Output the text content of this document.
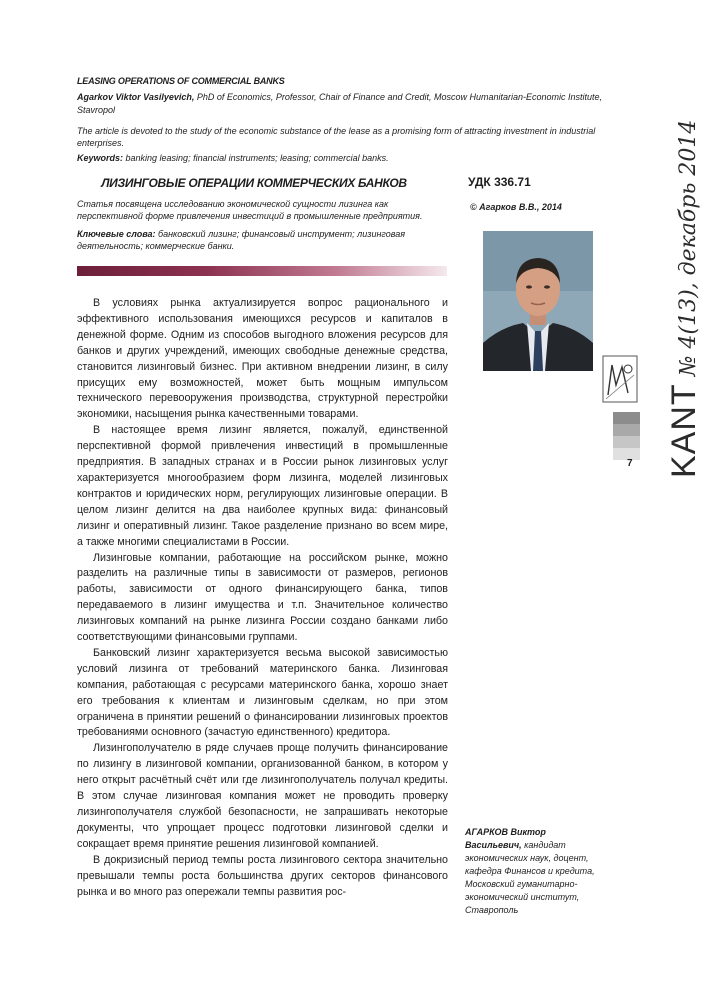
LEASING OPERATIONS OF COMMERCIAL BANKS
Agarkov Viktor Vasilyevich, PhD of Economics, Professor, Chair of Finance and Credit, Moscow Humanitarian-Economic Institute, Stavropol
The article is devoted to the study of the economic substance of the lease as a promising form of attracting investment in industrial enterprises.
Keywords: banking leasing; financial instruments; leasing; commercial banks.
ЛИЗИНГОВЫЕ ОПЕРАЦИИ КОММЕРЧЕСКИХ БАНКОВ	УДК 336.71
© Агарков В.В., 2014
Статья посвящена исследованию экономической сущности лизинга как перспективной форме привлечения инвестиций в промышленные предприятия.
Ключевые слова: банковский лизинг; финансовый инструмент; лизинговая деятельность; коммерческие банки.

В условиях рынка актуализируется вопрос рационального и эффективного использования имеющихся ресурсов и капиталов в денежной форме. Одним из способов выгодного вложения ресурсов для банков и других учреждений, имеющих свободные денежные средства, становится лизинговый бизнес. При активном внедрении лизинг, в силу присущих ему возможностей, может быть мощным импульсом технического перевооружения производства, структурной перестройки экономики, насыщения рынка качественными товарами.

В настоящее время лизинг является, пожалуй, единственной перспективной формой привлечения инвестиций в промышленные предприятия. В западных странах и в России рынок лизинговых услуг характеризуется многообразием форм лизинга, моделей лизинговых контрактов и юридических норм, регулирующих лизинговые операции. В целом лизинг делится на два наиболее крупных вида: финансовый лизинг и оперативный лизинг. Такое разделение признано во всем мире, а также многими специалистами в России.

Лизинговые компании, работающие на российском рынке, можно разделить на различные типы в зависимости от размеров, регионов работы, зависимости от одного финансирующего банка, типов передаваемого в лизинг имущества и т.п. Значительное количество лизинговых компаний на рынке лизинга России создано банками либо соответствующими финансовыми группами.

Банковский лизинг характеризуется весьма высокой зависимостью условий лизинга от требований материнского банка. Лизинговая компания, работающая с ресурсами материнского банка, хорошо знает его требования к клиентам и лизинговым сделкам, но при этом ограничена в принятии решений о финансировании лизинговых проектов требованиями основного (зачастую единственного) кредитора.

Лизингополучателю в ряде случаев проще получить финансирование по лизингу в лизинговой компании, организованной банком, в котором у него открыт расчётный счёт или где лизингополучатель получал кредиты. В этом случае лизинговая компания может не проводить проверку лизингополучателя службой безопасности, не запрашивать некоторые документы, что упрощает процесс подготовки лизинговой сделки и сокращает время принятие решения лизинговой компанией.

В докризисный период темпы роста лизингового сектора значительно превышали темпы роста большинства других секторов финансового рынка и во много раз опережали темпы развития рос-

АГАРКОВ Виктор Васильевич, кандидат экономических наук, доцент, кафедра Финансов и кредита, Московский гуманитарно-экономический институт, Ставрополь
KANT № 4(13), декабрь 2014
7
